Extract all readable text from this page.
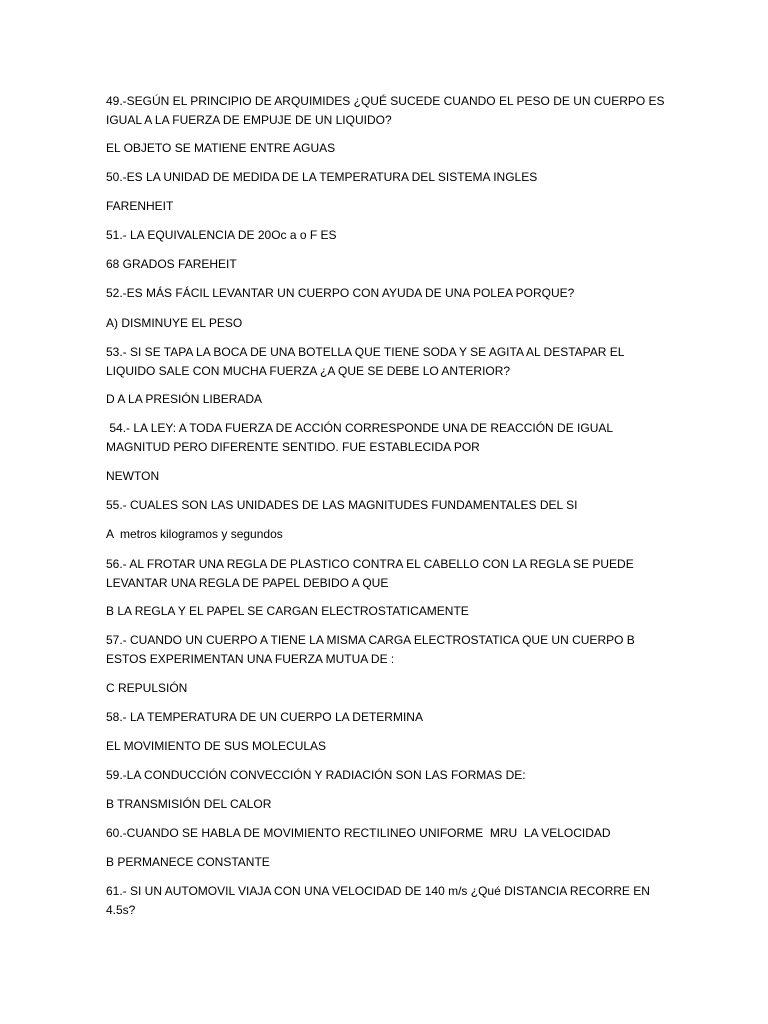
49.-SEGÚN EL PRINCIPIO DE ARQUIMIDES ¿QUÉ SUCEDE CUANDO EL PESO DE UN CUERPO ES IGUAL A LA FUERZA DE EMPUJE DE UN LIQUIDO?

EL OBJETO SE MATIENE ENTRE AGUAS

50.-ES LA UNIDAD DE MEDIDA DE LA TEMPERATURA DEL SISTEMA INGLES

FARENHEIT

51.- LA EQUIVALENCIA DE 20Oc a o F ES

68 GRADOS FAREHEIT

52.-ES MÁS FÁCIL LEVANTAR UN CUERPO CON AYUDA DE UNA POLEA PORQUE?

A) DISMINUYE EL PESO

53.- SI SE TAPA LA BOCA DE UNA BOTELLA QUE TIENE SODA Y SE AGITA AL DESTAPAR EL LIQUIDO SALE CON MUCHA FUERZA ¿A QUE SE DEBE LO ANTERIOR?

D A LA PRESIÓN LIBERADA

54.- LA LEY: A TODA FUERZA DE ACCIÓN CORRESPONDE UNA DE REACCIÓN DE IGUAL MAGNITUD PERO DIFERENTE SENTIDO. FUE ESTABLECIDA POR

NEWTON

55.- CUALES SON LAS UNIDADES DE LAS MAGNITUDES FUNDAMENTALES DEL SI

A  metros kilogramos y segundos

56.- AL FROTAR UNA REGLA DE PLASTICO CONTRA EL CABELLO CON LA REGLA SE PUEDE LEVANTAR UNA REGLA DE PAPEL DEBIDO A QUE

B LA REGLA Y EL PAPEL SE CARGAN ELECTROSTATICAMENTE

57.- CUANDO UN CUERPO A TIENE LA MISMA CARGA ELECTROSTATICA QUE UN CUERPO B ESTOS EXPERIMENTAN UNA FUERZA MUTUA DE :

C REPULSIÓN

58.- LA TEMPERATURA DE UN CUERPO LA DETERMINA

EL MOVIMIENTO DE SUS MOLECULAS

59.-LA CONDUCCIÓN CONVECCIÓN Y RADIACIÓN SON LAS FORMAS DE:

B TRANSMISIÓN DEL CALOR

60.-CUANDO SE HABLA DE MOVIMIENTO RECTILINEO UNIFORME  MRU  LA VELOCIDAD

B PERMANECE CONSTANTE

61.- SI UN AUTOMOVIL VIAJA CON UNA VELOCIDAD DE 140 m/s ¿Qué DISTANCIA RECORRE EN 4.5s?
